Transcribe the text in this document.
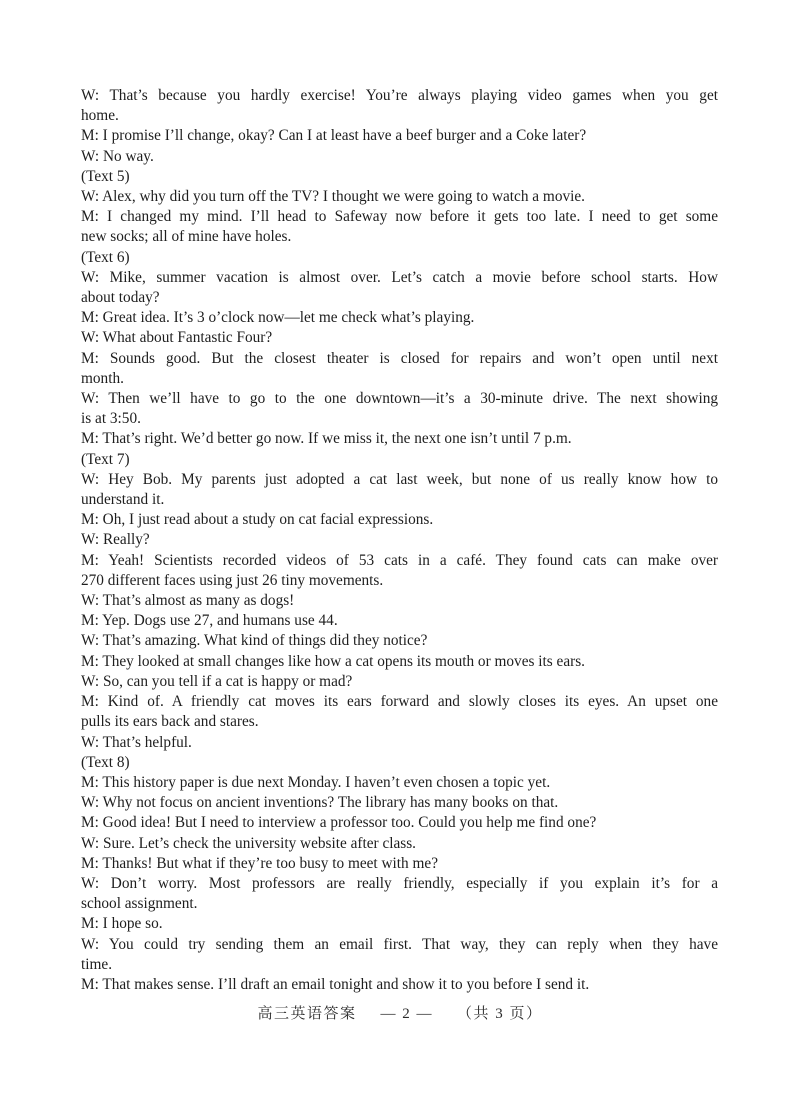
W: That’s because you hardly exercise! You’re always playing video games when you get
home.
M: I promise I’ll change, okay? Can I at least have a beef burger and a Coke later?
W: No way.
(Text 5)
W: Alex, why did you turn off the TV? I thought we were going to watch a movie.
M: I changed my mind. I’ll head to Safeway now before it gets too late. I need to get some
new socks; all of mine have holes.
(Text 6)
W: Mike, summer vacation is almost over. Let’s catch a movie before school starts. How
about today?
M: Great idea. It’s 3 o’clock now—let me check what’s playing.
W: What about Fantastic Four?
M: Sounds good. But the closest theater is closed for repairs and won’t open until next
month.
W: Then we’ll have to go to the one downtown—it’s a 30-minute drive. The next showing
is at 3:50.
M: That’s right. We’d better go now. If we miss it, the next one isn’t until 7 p.m.
(Text 7)
W: Hey Bob. My parents just adopted a cat last week, but none of us really know how to
understand it.
M: Oh, I just read about a study on cat facial expressions.
W: Really?
M: Yeah! Scientists recorded videos of 53 cats in a café. They found cats can make over
270 different faces using just 26 tiny movements.
W: That’s almost as many as dogs!
M: Yep. Dogs use 27, and humans use 44.
W: That’s amazing. What kind of things did they notice?
M: They looked at small changes like how a cat opens its mouth or moves its ears.
W: So, can you tell if a cat is happy or mad?
M: Kind of. A friendly cat moves its ears forward and slowly closes its eyes. An upset one
pulls its ears back and stares.
W: That’s helpful.
(Text 8)
M: This history paper is due next Monday. I haven’t even chosen a topic yet.
W: Why not focus on ancient inventions? The library has many books on that.
M: Good idea! But I need to interview a professor too. Could you help me find one?
W: Sure. Let’s check the university website after class.
M: Thanks! But what if they’re too busy to meet with me?
W: Don’t worry. Most professors are really friendly, especially if you explain it’s for a
school assignment.
M: I hope so.
W: You could try sending them an email first. That way, they can reply when they have
time.
M: That makes sense. I’ll draft an email tonight and show it to you before I send it.
高三英语答案 — 2 — （共 3 页）
